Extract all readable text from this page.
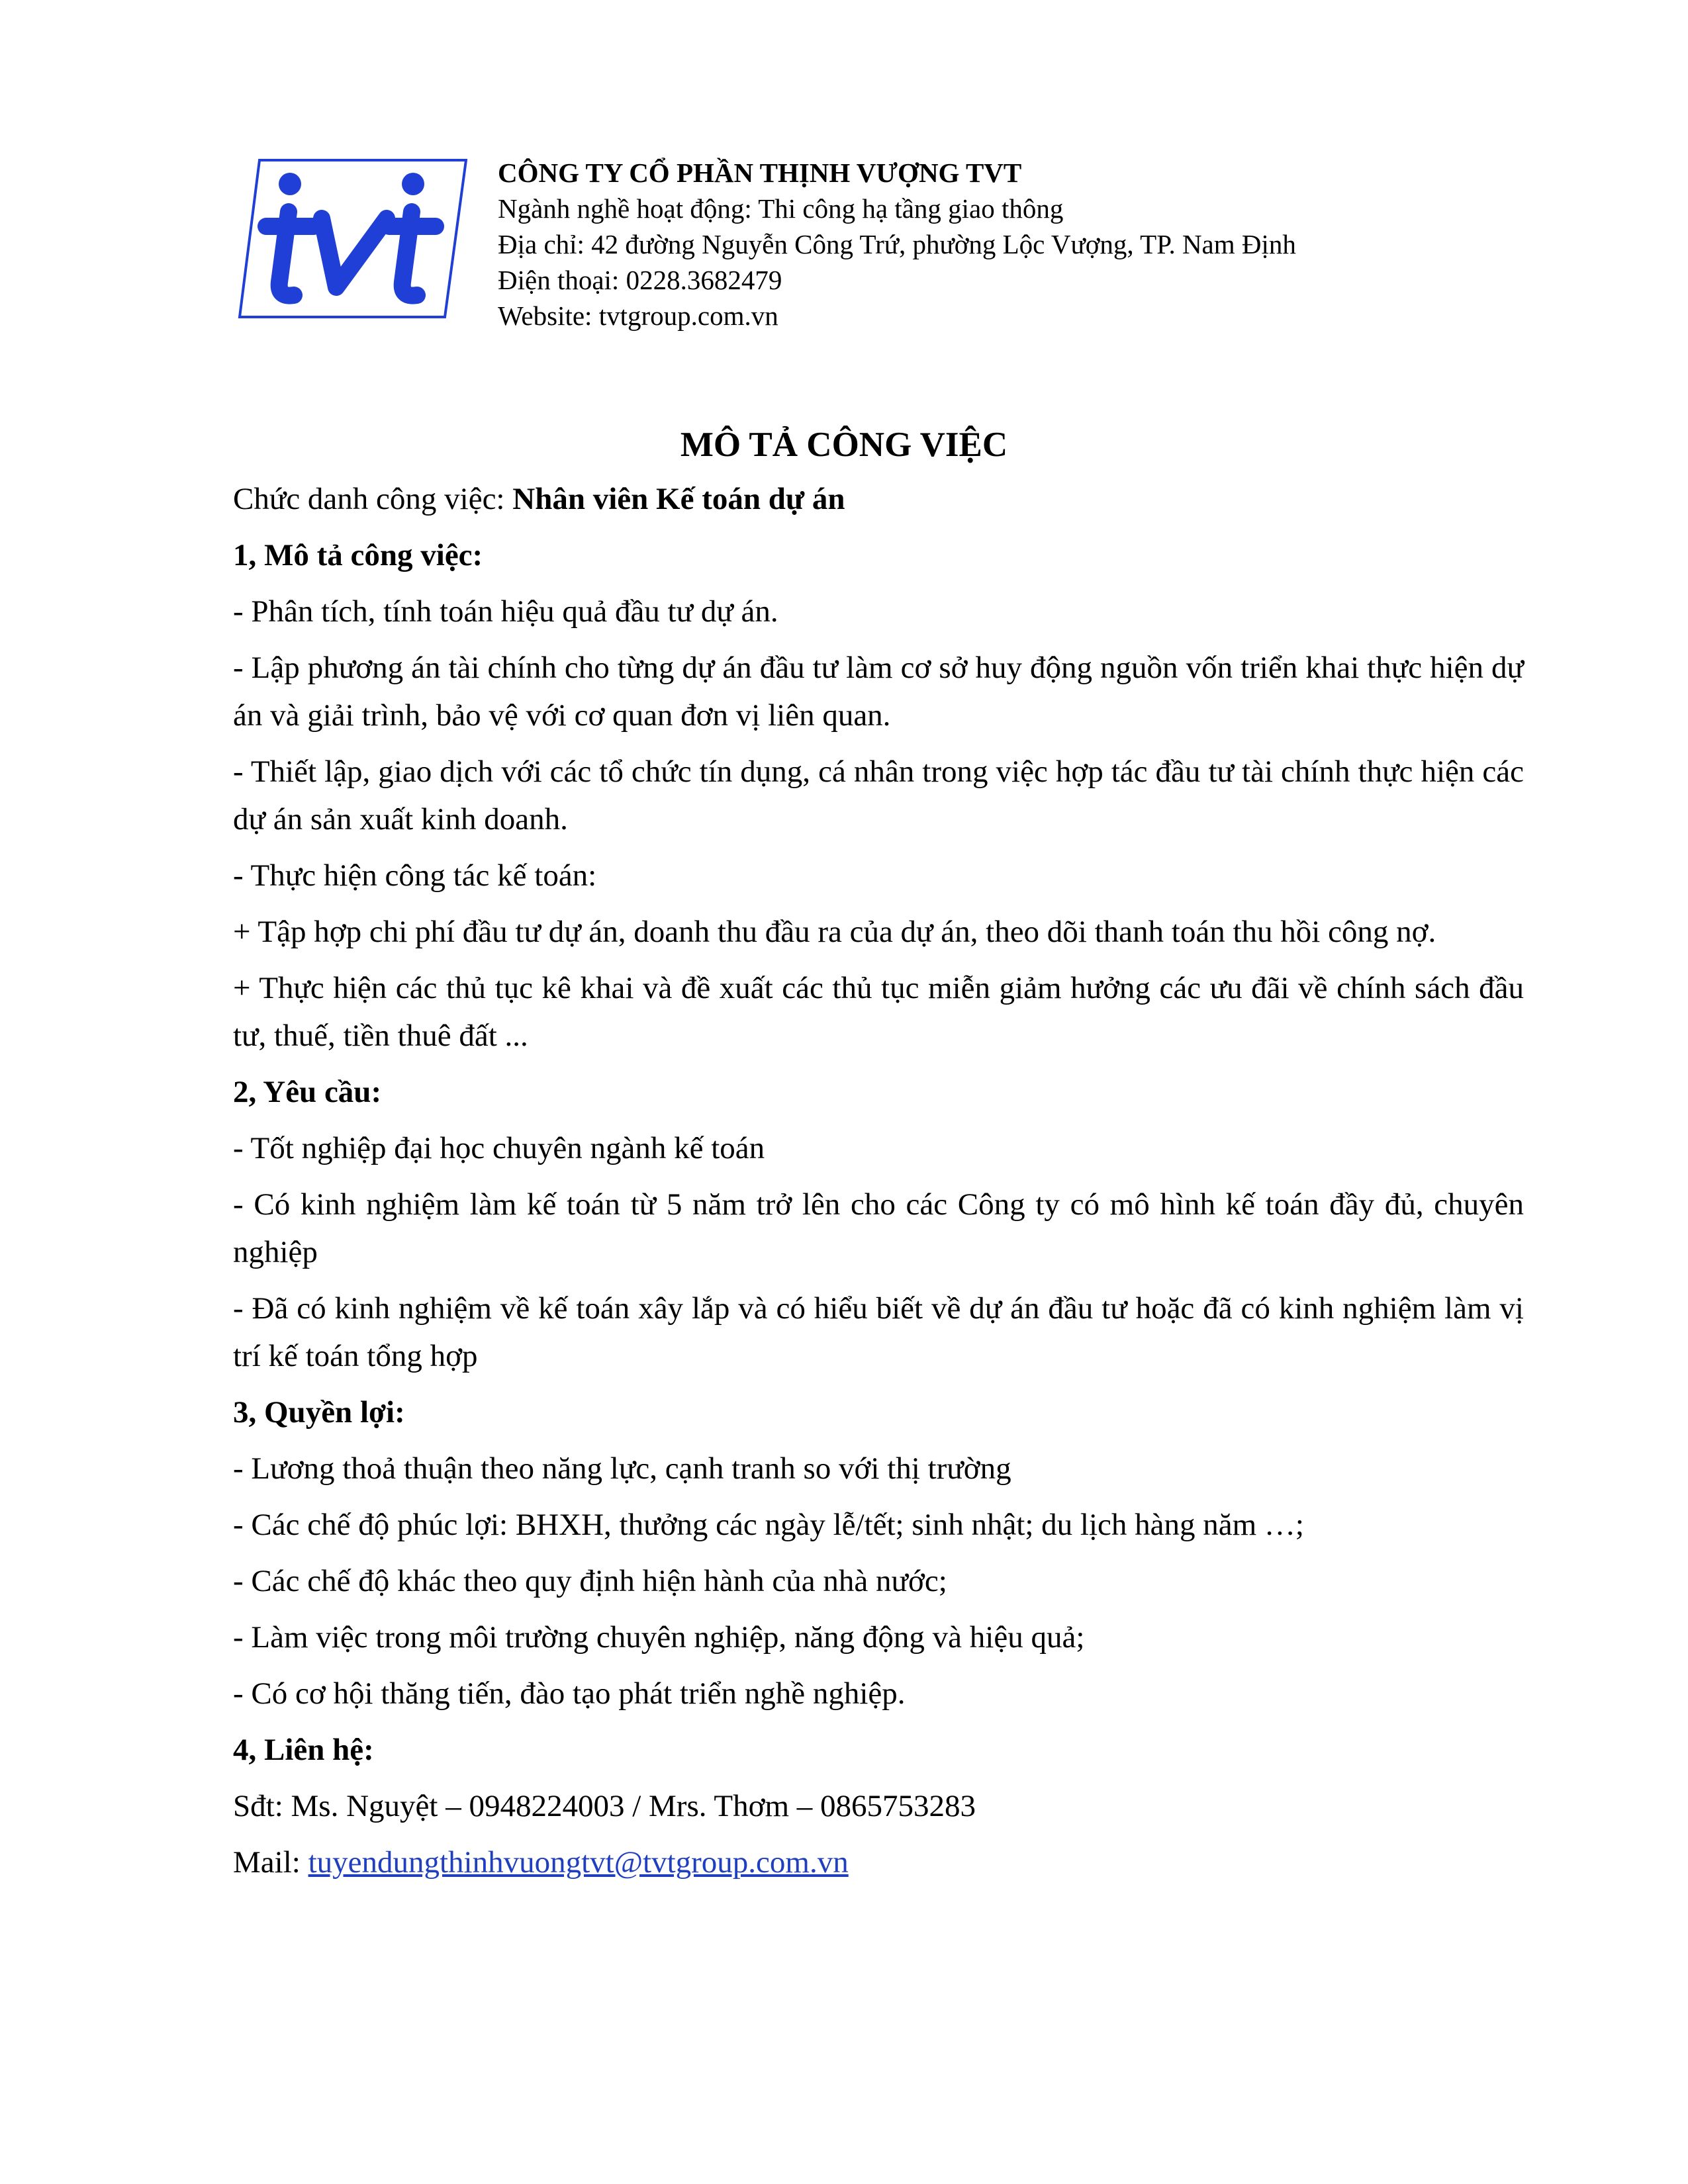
tvt	CÔNG TY CỔ PHẦN THỊNH VƯỢNG TVT
Ngành nghề hoạt động: Thi công hạ tầng giao thông
Địa chỉ: 42 đường Nguyễn Công Trứ, phường Lộc Vượng, TP. Nam Định
Điện thoại: 0228.3682479
Website: tvtgroup.com.vn
MÔ TẢ CÔNG VIỆC

Chức danh công việc: Nhân viên Kế toán dự án

1, Mô tả công việc:

- Phân tích, tính toán hiệu quả đầu tư dự án.

- Lập phương án tài chính cho từng dự án đầu tư làm cơ sở huy động nguồn vốn triển khai thực hiện dự án và giải trình, bảo vệ với cơ quan đơn vị liên quan.

- Thiết lập, giao dịch với các tổ chức tín dụng, cá nhân trong việc hợp tác đầu tư tài chính thực hiện các dự án sản xuất kinh doanh.

- Thực hiện công tác kế toán:

+ Tập hợp chi phí đầu tư dự án, doanh thu đầu ra của dự án, theo dõi thanh toán thu hồi công nợ.

+ Thực hiện các thủ tục kê khai và đề xuất các thủ tục miễn giảm hưởng các ưu đãi về chính sách đầu tư, thuế, tiền thuê đất ...

2, Yêu cầu:

- Tốt nghiệp đại học chuyên ngành kế toán

- Có kinh nghiệm làm kế toán từ 5 năm trở lên cho các Công ty có mô hình kế toán đầy đủ, chuyên nghiệp

- Đã có kinh nghiệm về kế toán xây lắp và có hiểu biết về dự án đầu tư hoặc đã có kinh nghiệm làm vị trí kế toán tổng hợp

3, Quyền lợi:

- Lương thoả thuận theo năng lực, cạnh tranh so với thị trường

- Các chế độ phúc lợi: BHXH, thưởng các ngày lễ/tết; sinh nhật; du lịch hàng năm …;

- Các chế độ khác theo quy định hiện hành của nhà nước;

- Làm việc trong môi trường chuyên nghiệp, năng động và hiệu quả;

- Có cơ hội thăng tiến, đào tạo phát triển nghề nghiệp.

4, Liên hệ:

Sđt: Ms. Nguyệt – 0948224003 / Mrs. Thơm – 0865753283

Mail: tuyendungthinhvuongtvt@tvtgroup.com.vn
